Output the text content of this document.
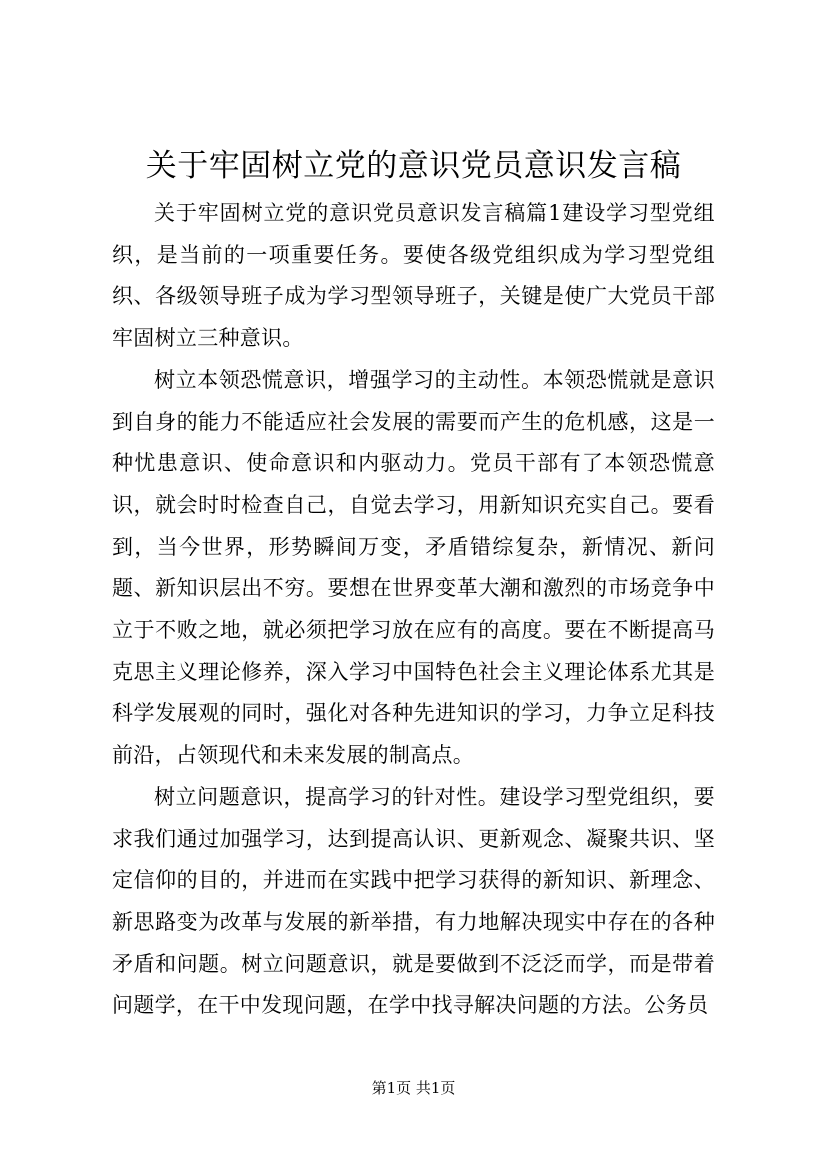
关于牢固树立党的意识党员意识发言稿

关于牢固树立党的意识党员意识发言稿篇1建设学习型党组织，是当前的一项重要任务。要使各级党组织成为学习型党组织、各级领导班子成为学习型领导班子，关键是使广大党员干部牢固树立三种意识。

树立本领恐慌意识，增强学习的主动性。本领恐慌就是意识到自身的能力不能适应社会发展的需要而产生的危机感，这是一种忧患意识、使命意识和内驱动力。党员干部有了本领恐慌意识，就会时时检查自己，自觉去学习，用新知识充实自己。要看到，当今世界，形势瞬间万变，矛盾错综复杂，新情况、新问题、新知识层出不穷。要想在世界变革大潮和激烈的市场竞争中立于不败之地，就必须把学习放在应有的高度。要在不断提高马克思主义理论修养，深入学习中国特色社会主义理论体系尤其是科学发展观的同时，强化对各种先进知识的学习，力争立足科技前沿，占领现代和未来发展的制高点。

树立问题意识，提高学习的针对性。建设学习型党组织，要求我们通过加强学习，达到提高认识、更新观念、凝聚共识、坚定信仰的目的，并进而在实践中把学习获得的新知识、新理念、新思路变为改革与发展的新举措，有力地解决现实中存在的各种矛盾和问题。树立问题意识，就是要做到不泛泛而学，而是带着问题学，在干中发现问题，在学中找寻解决问题的方法。公务员

第1页 共1页
